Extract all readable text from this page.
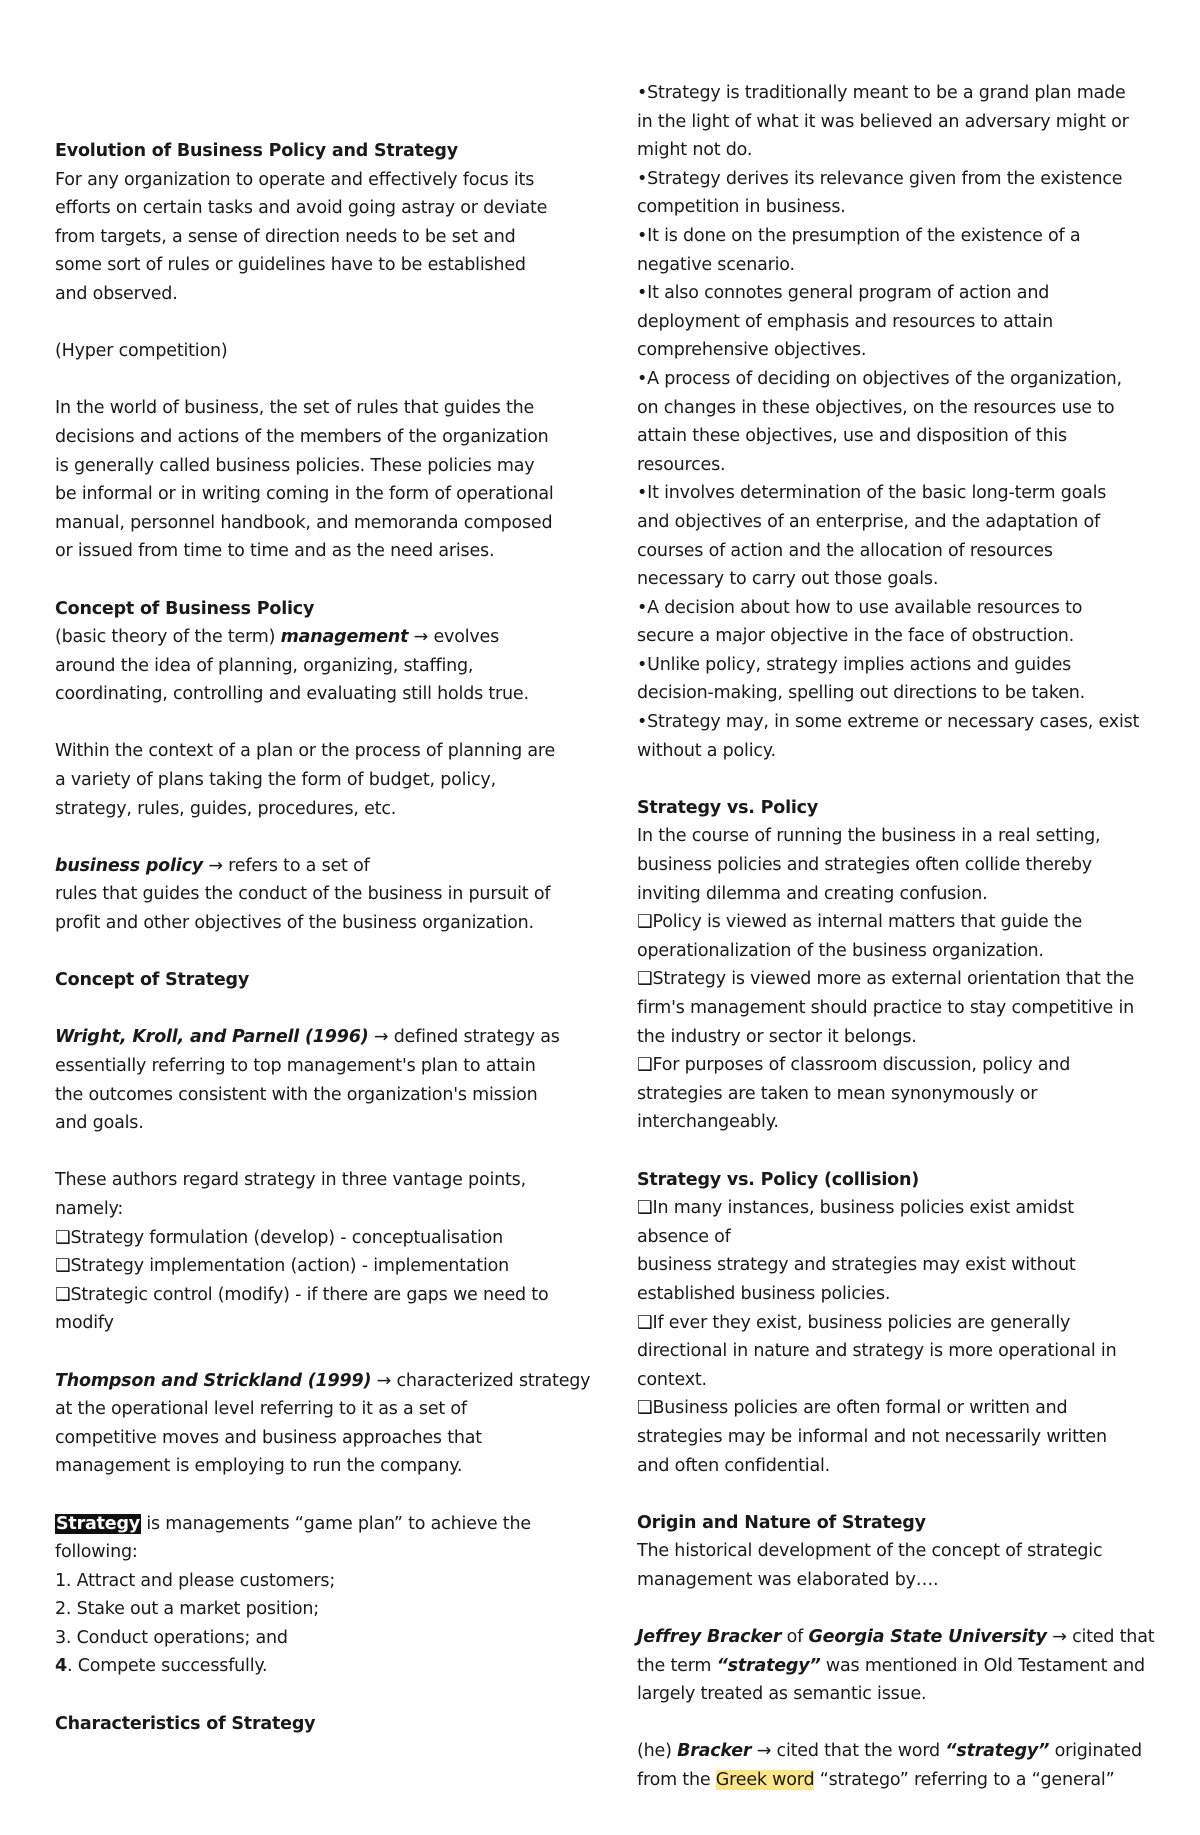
Evolution of Business Policy and Strategy
For any organization to operate and effectively focus its
efforts on certain tasks and avoid going astray or deviate
from targets, a sense of direction needs to be set and
some sort of rules or guidelines have to be established
and observed.
(Hyper competition)
In the world of business, the set of rules that guides the
decisions and actions of the members of the organization
is generally called business policies. These policies may
be informal or in writing coming in the form of operational
manual, personnel handbook, and memoranda composed
or issued from time to time and as the need arises.
Concept of Business Policy
(basic theory of the term) management → evolves
around the idea of planning, organizing, staffing,
coordinating, controlling and evaluating still holds true.
Within the context of a plan or the process of planning are
a variety of plans taking the form of budget, policy,
strategy, rules, guides, procedures, etc.
business policy → refers to a set of
rules that guides the conduct of the business in pursuit of
profit and other objectives of the business organization.
Concept of Strategy
Wright, Kroll, and Parnell (1996) → defined strategy as
essentially referring to top management's plan to attain
the outcomes consistent with the organization's mission
and goals.
These authors regard strategy in three vantage points,
namely:
❑Strategy formulation (develop) - conceptualisation
❑Strategy implementation (action) - implementation
❑Strategic control (modify) - if there are gaps we need to
modify
Thompson and Strickland (1999) → characterized strategy
at the operational level referring to it as a set of
competitive moves and business approaches that
management is employing to run the company.
Strategy is managements “game plan” to achieve the
following:
1. Attract and please customers;
2. Stake out a market position;
3. Conduct operations; and
4. Compete successfully.
Characteristics of Strategy
•Strategy is traditionally meant to be a grand plan made
in the light of what it was believed an adversary might or
might not do.
•Strategy derives its relevance given from the existence
competition in business.
•It is done on the presumption of the existence of a
negative scenario.
•It also connotes general program of action and
deployment of emphasis and resources to attain
comprehensive objectives.
•A process of deciding on objectives of the organization,
on changes in these objectives, on the resources use to
attain these objectives, use and disposition of this
resources.
•It involves determination of the basic long-term goals
and objectives of an enterprise, and the adaptation of
courses of action and the allocation of resources
necessary to carry out those goals.
•A decision about how to use available resources to
secure a major objective in the face of obstruction.
•Unlike policy, strategy implies actions and guides
decision-making, spelling out directions to be taken.
•Strategy may, in some extreme or necessary cases, exist
without a policy.
Strategy vs. Policy
In the course of running the business in a real setting,
business policies and strategies often collide thereby
inviting dilemma and creating confusion.
❑Policy is viewed as internal matters that guide the
operationalization of the business organization.
❑Strategy is viewed more as external orientation that the
firm's management should practice to stay competitive in
the industry or sector it belongs.
❑For purposes of classroom discussion, policy and
strategies are taken to mean synonymously or
interchangeably.
Strategy vs. Policy (collision)
❑In many instances, business policies exist amidst
absence of
business strategy and strategies may exist without
established business policies.
❑If ever they exist, business policies are generally
directional in nature and strategy is more operational in
context.
❑Business policies are often formal or written and
strategies may be informal and not necessarily written
and often confidential.
Origin and Nature of Strategy
The historical development of the concept of strategic
management was elaborated by….
Jeffrey Bracker of Georgia State University → cited that
the term “strategy” was mentioned in Old Testament and
largely treated as semantic issue.
(he) Bracker → cited that the word “strategy” originated
from the Greek word “stratego” referring to a “general”
